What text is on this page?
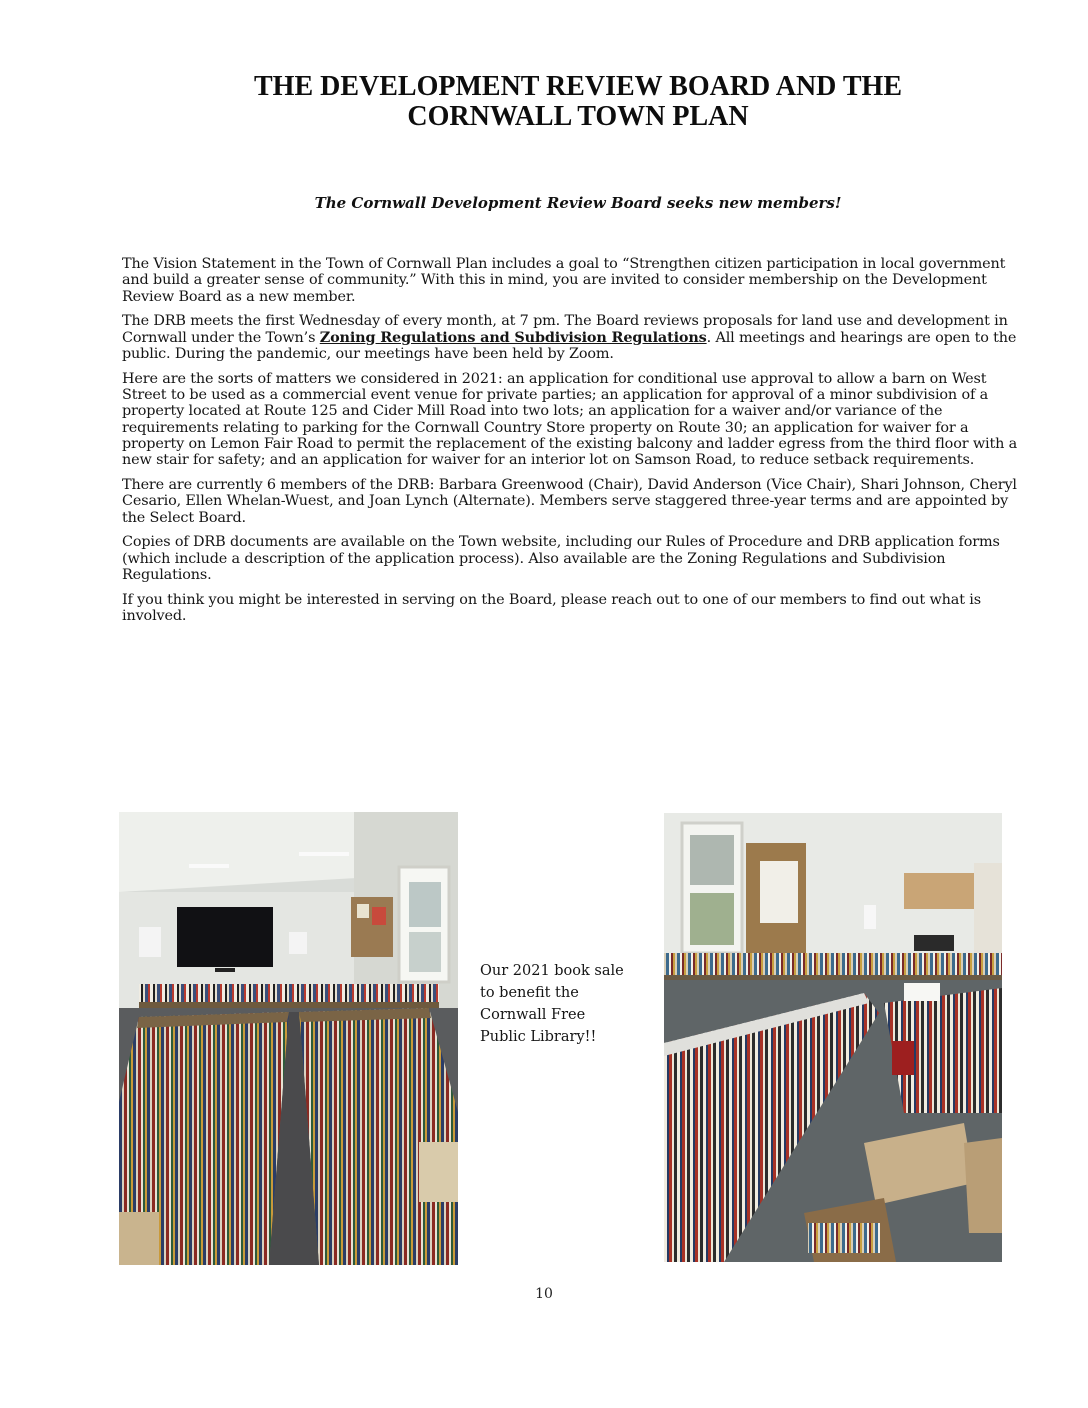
THE DEVELOPMENT REVIEW BOARD AND THE
CORNWALL TOWN PLAN
The Cornwall Development Review Board seeks new members!

The Vision Statement in the Town of Cornwall Plan includes a goal to “Strengthen citizen participation in local government and build a greater sense of community.” With this in mind, you are invited to consider membership on the Development Review Board as a new member.

The DRB meets the first Wednesday of every month, at 7 pm. The Board reviews proposals for land use and development in Cornwall under the Town’s Zoning Regulations and Subdivision Regulations. All meetings and hearings are open to the public. During the pandemic, our meetings have been held by Zoom.

Here are the sorts of matters we considered in 2021: an application for conditional use approval to allow a barn on West Street to be used as a commercial event venue for private parties; an application for approval of a minor subdivision of a property located at Route 125 and Cider Mill Road into two lots; an application for a waiver and/or variance of the requirements relating to parking for the Cornwall Country Store property on Route 30; an application for waiver for a property on Lemon Fair Road to permit the replacement of the existing balcony and ladder egress from the third floor with a new stair for safety; and an application for waiver for an interior lot on Samson Road, to reduce setback requirements.

There are currently 6 members of the DRB: Barbara Greenwood (Chair), David Anderson (Vice Chair), Shari Johnson, Cheryl Cesario, Ellen Whelan-Wuest, and Joan Lynch (Alternate). Members serve staggered three-year terms and are appointed by the Select Board.

Copies of DRB documents are available on the Town website, including our Rules of Procedure and DRB application forms (which include a description of the application process). Also available are the Zoning Regulations and Subdivision Regulations.

If you think you might be interested in serving on the Board, please reach out to one of our members to find out what is involved.

Our 2021 book sale
to benefit the
Cornwall Free
Public Library!!
10
